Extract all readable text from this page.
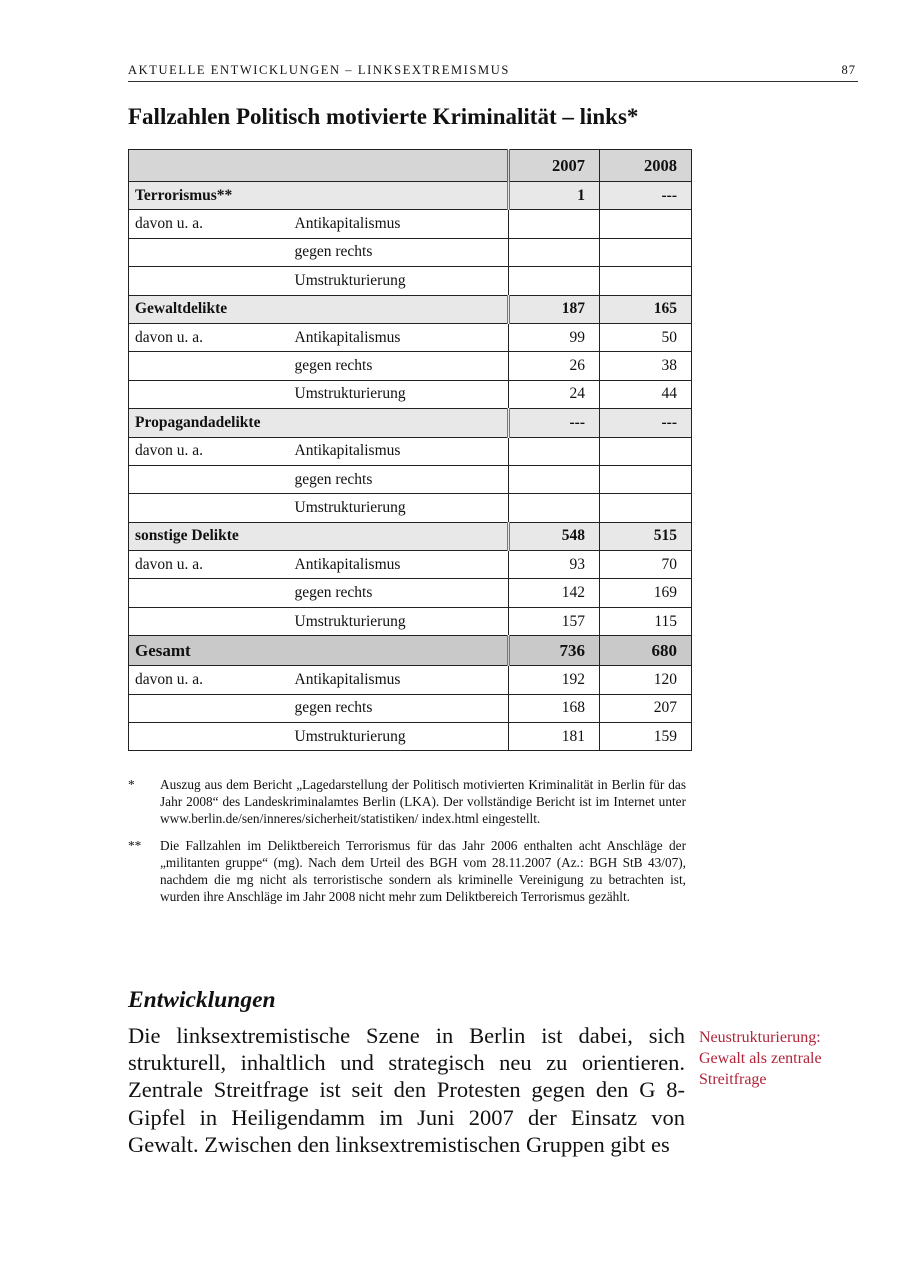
AKTUELLE ENTWICKLUNGEN – LINKSEXTREMISMUS	87
Fallzahlen Politisch motivierte Kriminalität – links*
		2007	2008
Terrorismus**		1	---
davon u. a.	Antikapitalismus		
	gegen rechts		
	Umstrukturierung		
Gewaltdelikte		187	165
davon u. a.	Antikapitalismus	99	50
	gegen rechts	26	38
	Umstrukturierung	24	44
Propagandadelikte		---	---
davon u. a.	Antikapitalismus		
	gegen rechts		
	Umstrukturierung		
sonstige Delikte		548	515
davon u. a.	Antikapitalismus	93	70
	gegen rechts	142	169
	Umstrukturierung	157	115
Gesamt		736	680
davon u. a.	Antikapitalismus	192	120
	gegen rechts	168	207
	Umstrukturierung	181	159
* Auszug aus dem Bericht „Lagedarstellung der Politisch motivierten Kriminalität in Berlin für das Jahr 2008“ des Landeskriminalamtes Berlin (LKA). Der vollständige Bericht ist im Internet unter www.berlin.de/sen/inneres/sicherheit/statistiken/ index.html eingestellt.
** Die Fallzahlen im Deliktbereich Terrorismus für das Jahr 2006 enthalten acht Anschläge der „militanten gruppe“ (mg). Nach dem Urteil des BGH vom 28.11.2007 (Az.: BGH StB 43/07), nachdem die mg nicht als terroristische sondern als kriminelle Vereinigung zu betrachten ist, wurden ihre Anschläge im Jahr 2008 nicht mehr zum Deliktbereich Terrorismus gezählt.
Entwicklungen

Die linksextremistische Szene in Berlin ist dabei, sich strukturell, inhaltlich und strategisch neu zu orientieren. Zentrale Streitfrage ist seit den Protesten gegen den G 8-Gipfel in Heiligendamm im Juni 2007 der Einsatz von Gewalt. Zwischen den linksextremistischen Gruppen gibt es

Neustrukturierung:
Gewalt als zentrale
Streitfrage
